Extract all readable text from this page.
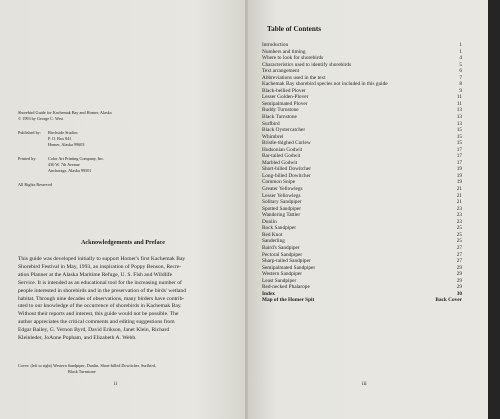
Shorebird Guide for Kachemak Bay and Homer, Alaska
© 1993 by George C. West
Published by:	Birchside Studios
P. O. Box 841
Homer, Alaska 99603
Printed by:	Color Art Printing Company, Inc.
430 W. 7th Avenue
Anchorage, Alaska 99501
All Rights Reserved
Acknowledgements and Preface
This guide was developed initially to support Homer's first Kachemak Bay
Shorebird Festival in May, 1993, an inspiration of Poppy Benson, Recre-
ation Planner at the Alaska Maritime Refuge, U. S. Fish and Wildlife
Service. It is intended as an educational tool for the increasing number of
people interested in shorebirds and in the preservation of the birds' wetland
habitat. Through nine decades of observations, many birders have contrib-
uted to our knowledge of the occurrence of shorebirds in Kachemak Bay.
Without their reports and interest, this guide would not be possible. The
author appreciates the critical comments and editing suggestions from
Edgar Bailey, G. Vernon Byrd, David Erikson, Janet Klein, Richard
Kleinleder, JoAnne Popham, and Elizabeth A. Webb.
Cover: (left to right) Western Sandpiper, Dunlin, Short-billed Dowitcher, Surfbird,
Black Turnstone
ii
Table of Contents
Introduction	1
Numbers and timing	1
Where to look for shorebirds	4
Characteristics used to identify shorebirds	5
Text arrangement	6
Abbreviations used in the text	7
Kachemak Bay shorebird species not included in this guide	8
Black-bellied Plover	9
Lesser Golden-Plover	11
Semipalmated Plover	11
Ruddy Turnstone	13
Black Turnstone	13
Surfbird	13
Black Oystercatcher	15
Whimbrel	15
Bristle-thighed Curlew	15
Hudsonian Godwit	17
Bar-tailed Godwit	17
Marbled Godwit	17
Short-billed Dowitcher	19
Long-billed Dowitcher	19
Common Snipe	19
Greater Yellowlegs	21
Lesser Yellowlegs	21
Solitary Sandpiper	21
Spotted Sandpiper	23
Wandering Tattler	23
Dunlin	23
Rock Sandpiper	25
Red Knot	25
Sanderling	25
Baird's Sandpiper	27
Pectoral Sandpiper	27
Sharp-tailed Sandpiper	27
Semipalmated Sandpiper	29
Western Sandpiper	29
Least Sandpiper	29
Red-necked Phalarope	29
Index	30
Map of the Homer Spit	Back Cover
iii
